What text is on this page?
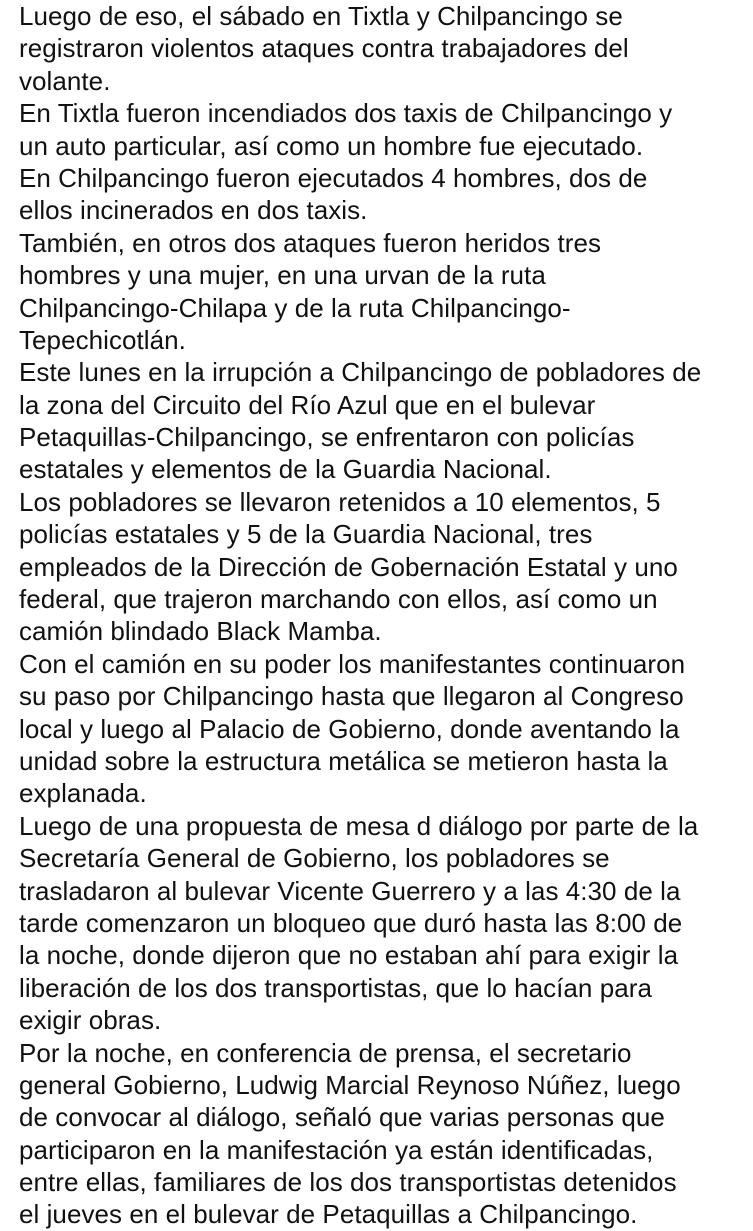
Luego de eso, el sábado en Tixtla y Chilpancingo se
registraron violentos ataques contra trabajadores del
volante.
En Tixtla fueron incendiados dos taxis de Chilpancingo y
un auto particular, así como un hombre fue ejecutado.
En Chilpancingo fueron ejecutados 4 hombres, dos de
ellos incinerados en dos taxis.
También, en otros dos ataques fueron heridos tres
hombres y una mujer, en una urvan de la ruta
Chilpancingo-Chilapa y de la ruta Chilpancingo-
Tepechicotlán.
Este lunes en la irrupción a Chilpancingo de pobladores de
la zona del Circuito del Río Azul que en el bulevar
Petaquillas-Chilpancingo, se enfrentaron con policías
estatales y elementos de la Guardia Nacional.
Los pobladores se llevaron retenidos a 10 elementos, 5
policías estatales y 5 de la Guardia Nacional, tres
empleados de la Dirección de Gobernación Estatal y uno
federal, que trajeron marchando con ellos, así como un
camión blindado Black Mamba.
Con el camión en su poder los manifestantes continuaron
su paso por Chilpancingo hasta que llegaron al Congreso
local y luego al Palacio de Gobierno, donde aventando la
unidad sobre la estructura metálica se metieron hasta la
explanada.
Luego de una propuesta de mesa d diálogo por parte de la
Secretaría General de Gobierno, los pobladores se
trasladaron al bulevar Vicente Guerrero y a las 4:30 de la
tarde comenzaron un bloqueo que duró hasta las 8:00 de
la noche, donde dijeron que no estaban ahí para exigir la
liberación de los dos transportistas, que lo hacían para
exigir obras.
Por la noche, en conferencia de prensa, el secretario
general Gobierno, Ludwig Marcial Reynoso Núñez, luego
de convocar al diálogo, señaló que varias personas que
participaron en la manifestación ya están identificadas,
entre ellas, familiares de los dos transportistas detenidos
el jueves en el bulevar de Petaquillas a Chilpancingo.
